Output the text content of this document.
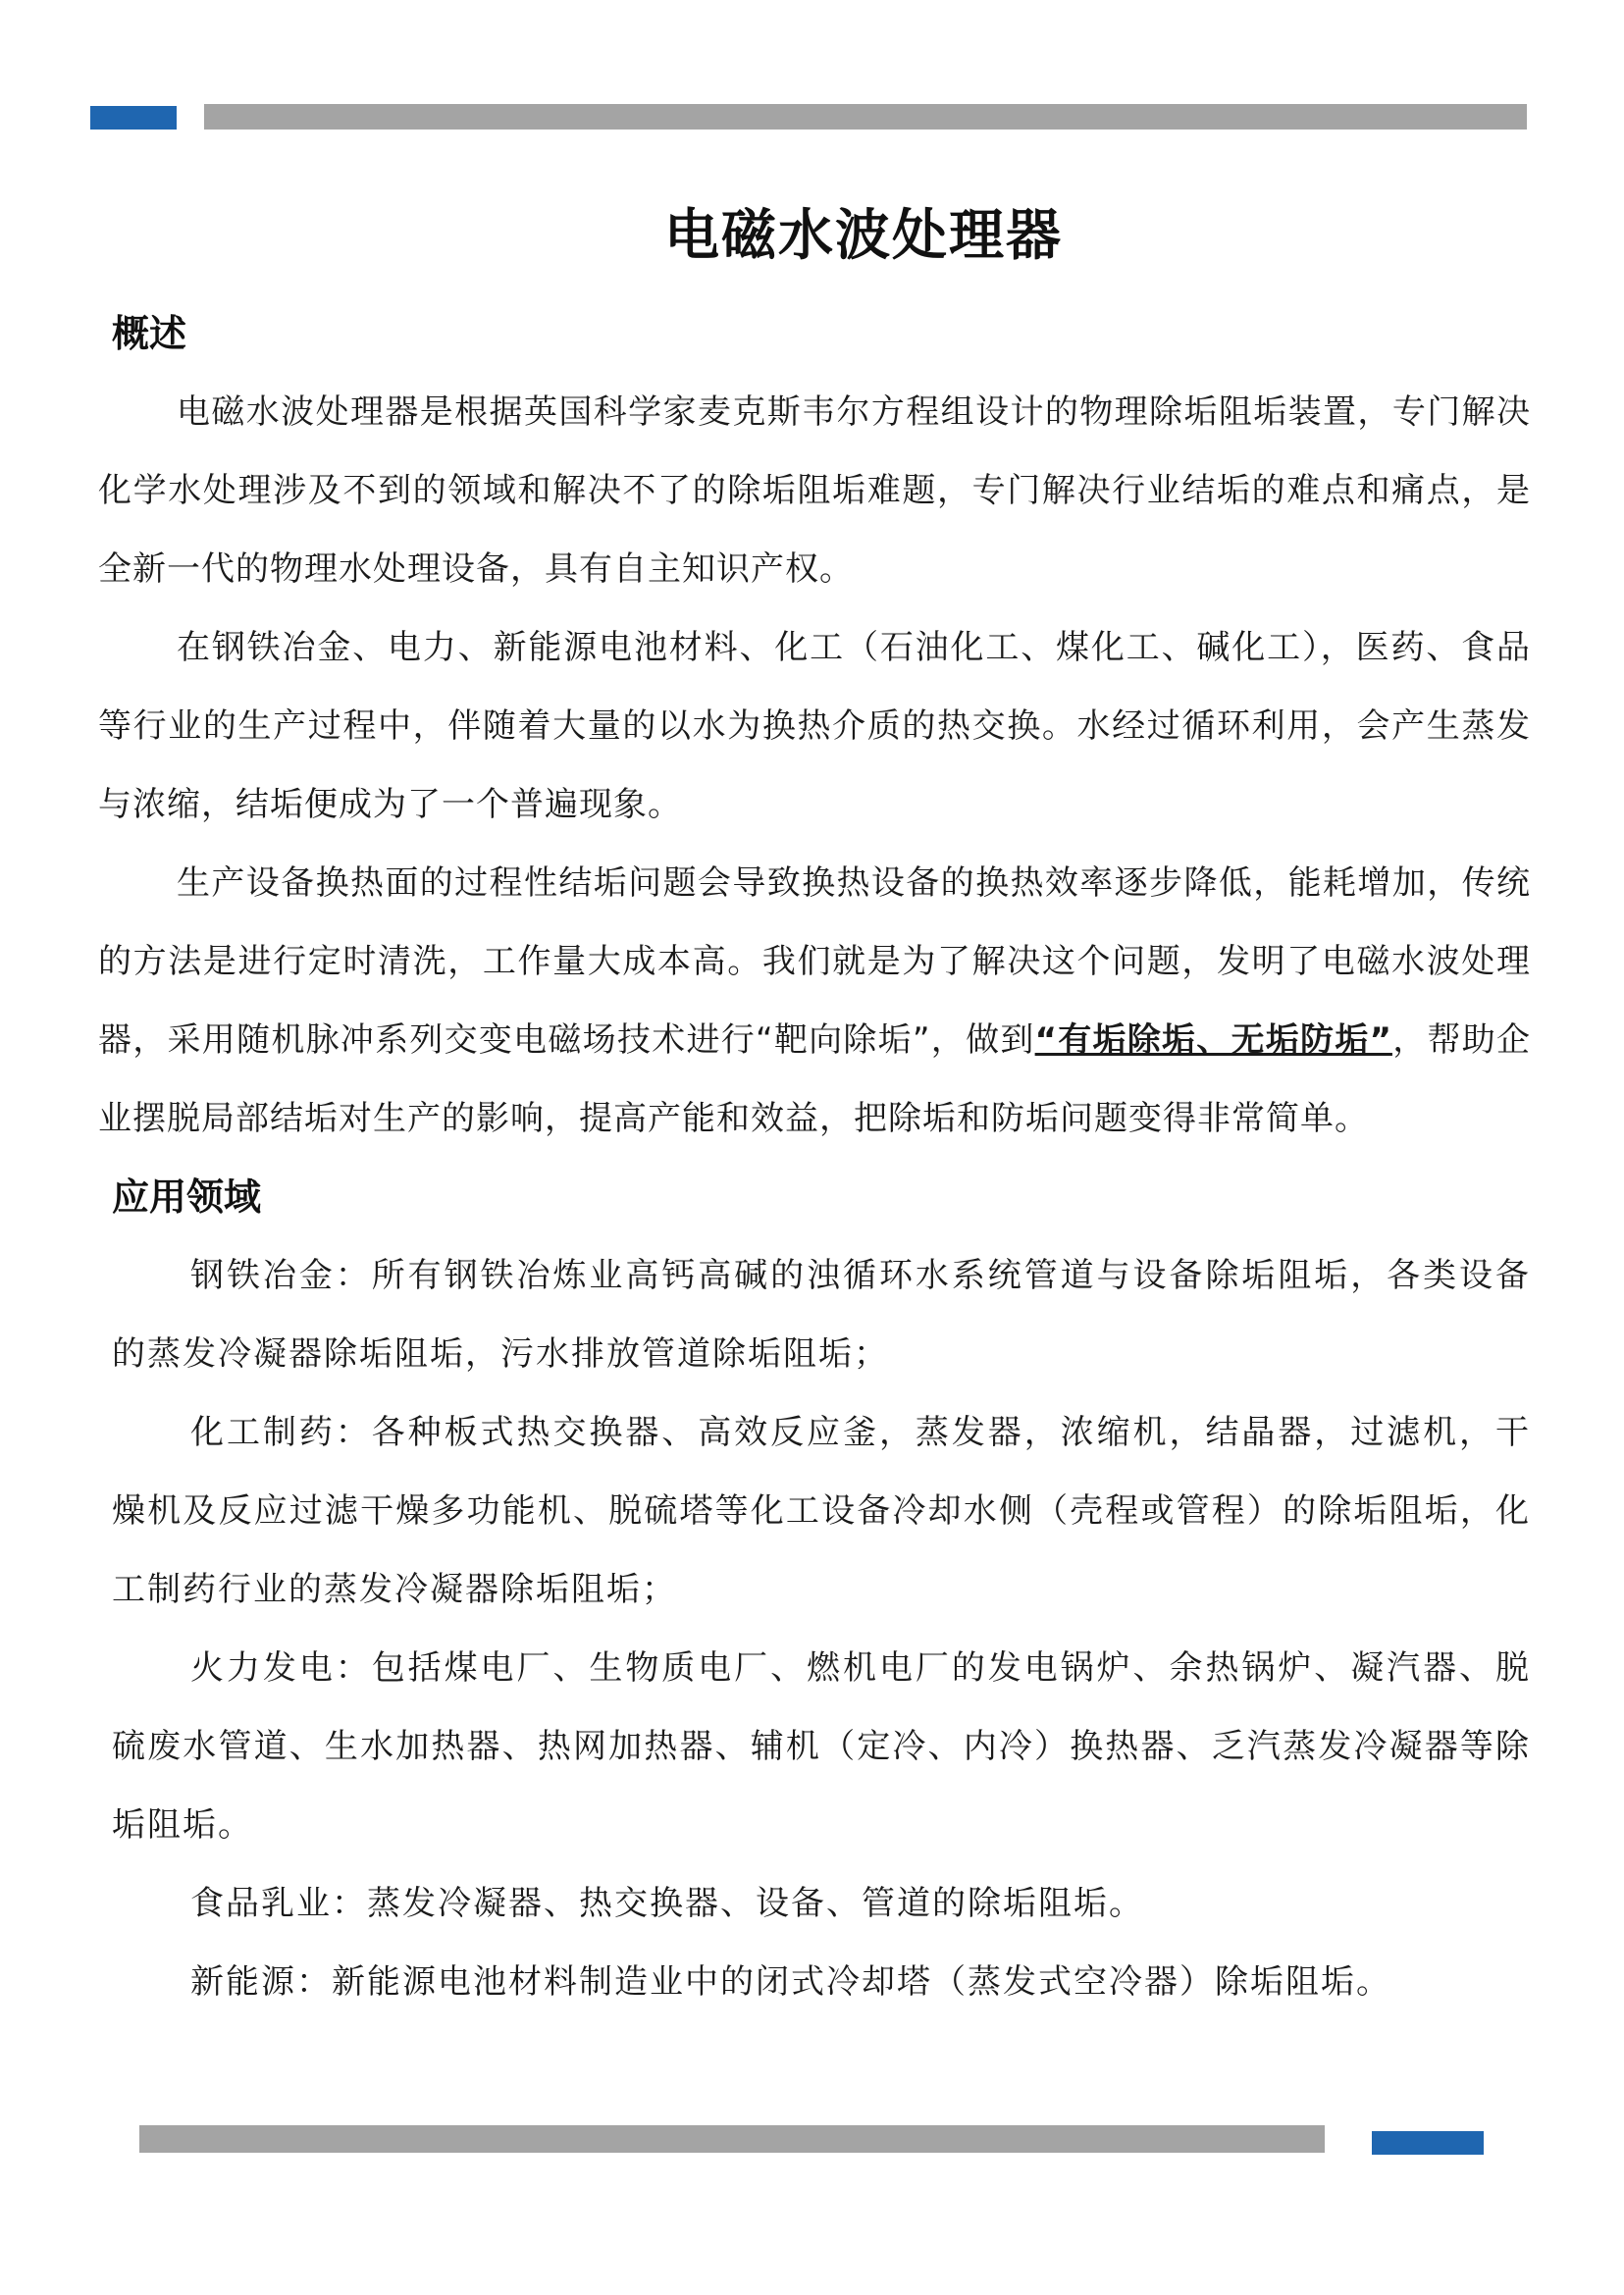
电磁水波处理器
概述

电磁水波处理器是根据英国科学家麦克斯韦尔方程组设计的物理除垢阻垢装置，专门解决化学水处理涉及不到的领域和解决不了的除垢阻垢难题，专门解决行业结垢的难点和痛点，是全新一代的物理水处理设备，具有自主知识产权。

在钢铁冶金、电力、新能源电池材料、化工（石油化工、煤化工、碱化工），医药、食品等行业的生产过程中，伴随着大量的以水为换热介质的热交换。水经过循环利用，会产生蒸发与浓缩，结垢便成为了一个普遍现象。

生产设备换热面的过程性结垢问题会导致换热设备的换热效率逐步降低，能耗增加，传统的方法是进行定时清洗，工作量大成本高。我们就是为了解决这个问题，发明了电磁水波处理器，采用随机脉冲系列交变电磁场技术进行“靶向除垢”，做到“有垢除垢、无垢防垢”，帮助企业摆脱局部结垢对生产的影响，提高产能和效益，把除垢和防垢问题变得非常简单。

应用领域

钢铁冶金：所有钢铁冶炼业高钙高碱的浊循环水系统管道与设备除垢阻垢，各类设备的蒸发冷凝器除垢阻垢，污水排放管道除垢阻垢；

化工制药：各种板式热交换器、高效反应釜，蒸发器，浓缩机，结晶器，过滤机，干燥机及反应过滤干燥多功能机、脱硫塔等化工设备冷却水侧（壳程或管程）的除垢阻垢，化工制药行业的蒸发冷凝器除垢阻垢；

火力发电：包括煤电厂、生物质电厂、燃机电厂的发电锅炉、余热锅炉、凝汽器、脱硫废水管道、生水加热器、热网加热器、辅机（定冷、内冷）换热器、乏汽蒸发冷凝器等除垢阻垢。

食品乳业：蒸发冷凝器、热交换器、设备、管道的除垢阻垢。

新能源：新能源电池材料制造业中的闭式冷却塔（蒸发式空冷器）除垢阻垢。
